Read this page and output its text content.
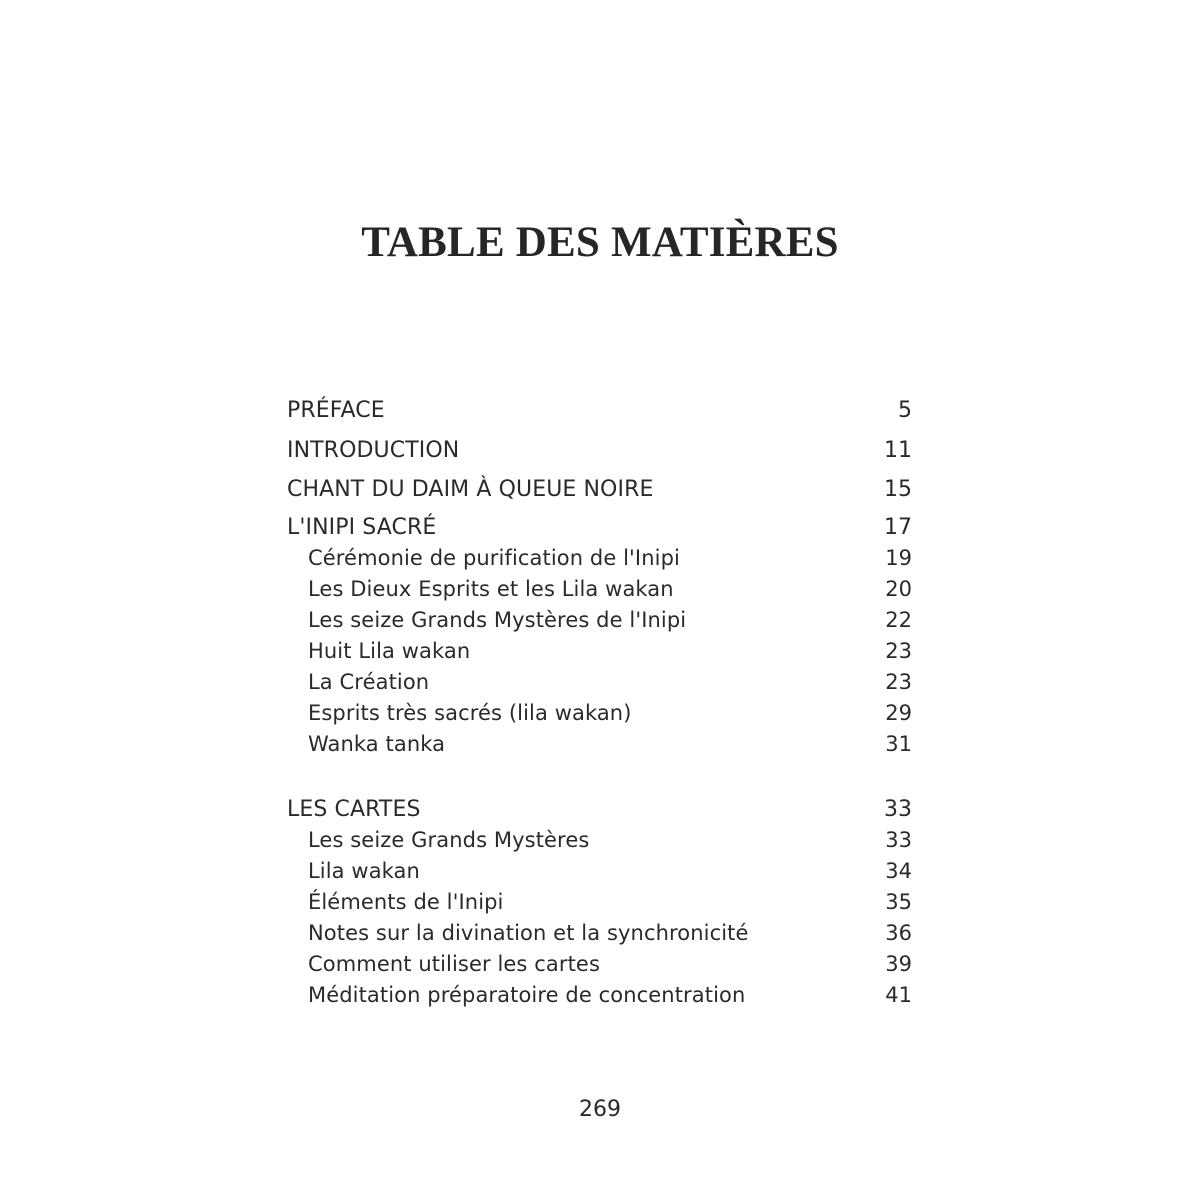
TABLE DES MATIÈRES
PRÉFACE	5
INTRODUCTION	11
CHANT DU DAIM À QUEUE NOIRE	15
L'INIPI SACRÉ	17
Cérémonie de purification de l'Inipi	19
Les Dieux Esprits et les Lila wakan	20
Les seize Grands Mystères de l'Inipi	22
Huit Lila wakan	23
La Création	23
Esprits très sacrés (lila wakan)	29
Wanka tanka	31
LES CARTES	33
Les seize Grands Mystères	33
Lila wakan	34
Éléments de l'Inipi	35
Notes sur la divination et la synchronicité	36
Comment utiliser les cartes	39
Méditation préparatoire de concentration	41
269
